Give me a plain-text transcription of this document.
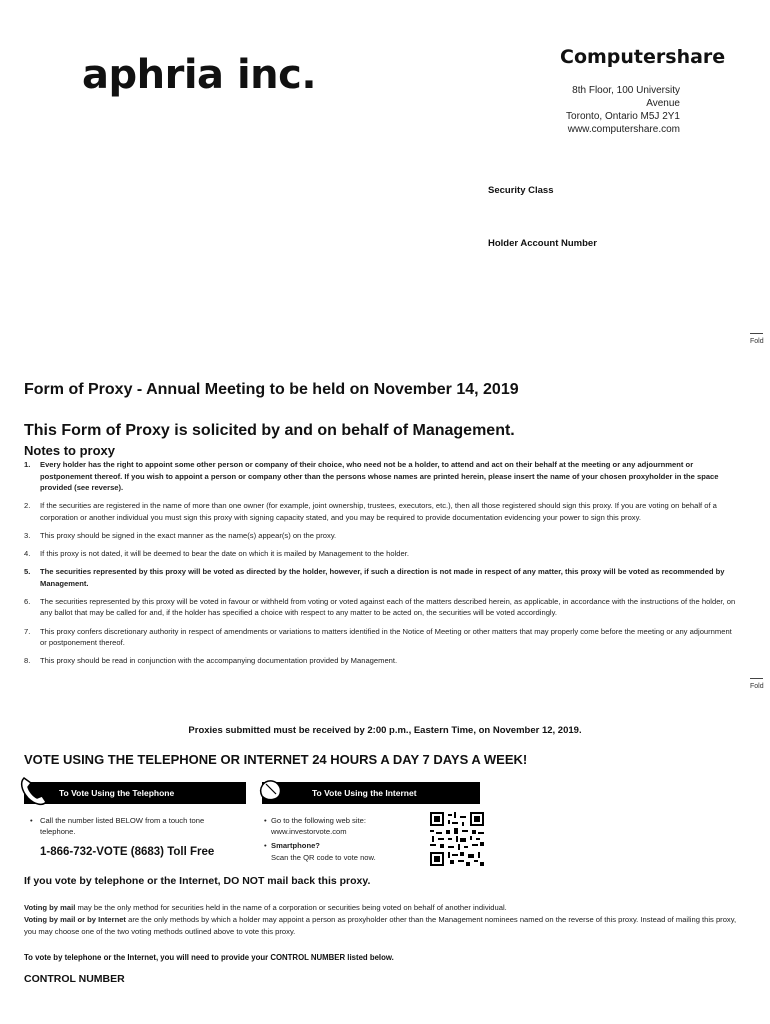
aphria inc.	Computershare
8th Floor, 100 University Avenue
Toronto, Ontario M5J 2Y1
www.computershare.com
Security Class
Holder Account Number
Fold
Fold
Form of Proxy - Annual Meeting to be held on November 14, 2019
This Form of Proxy is solicited by and on behalf of Management.
Notes to proxy
1. Every holder has the right to appoint some other person or company of their choice, who need not be a holder, to attend and act on their behalf at the meeting or any adjournment or postponement thereof. If you wish to appoint a person or company other than the persons whose names are printed herein, please insert the name of your chosen proxyholder in the space provided (see reverse).
2. If the securities are registered in the name of more than one owner (for example, joint ownership, trustees, executors, etc.), then all those registered should sign this proxy. If you are voting on behalf of a corporation or another individual you must sign this proxy with signing capacity stated, and you may be required to provide documentation evidencing your power to sign this proxy.
3. This proxy should be signed in the exact manner as the name(s) appear(s) on the proxy.
4. If this proxy is not dated, it will be deemed to bear the date on which it is mailed by Management to the holder.
5. The securities represented by this proxy will be voted as directed by the holder, however, if such a direction is not made in respect of any matter, this proxy will be voted as recommended by Management.
6. The securities represented by this proxy will be voted in favour or withheld from voting or voted against each of the matters described herein, as applicable, in accordance with the instructions of the holder, on any ballot that may be called for and, if the holder has specified a choice with respect to any matter to be acted on, the securities will be voted accordingly.
7. This proxy confers discretionary authority in respect of amendments or variations to matters identified in the Notice of Meeting or other matters that may properly come before the meeting or any adjournment or postponement thereof.
8. This proxy should be read in conjunction with the accompanying documentation provided by Management.
Proxies submitted must be received by 2:00 p.m., Eastern Time, on November 12, 2019.
VOTE USING THE TELEPHONE OR INTERNET 24 HOURS A DAY 7 DAYS A WEEK!
To Vote Using the Telephone	To Vote Using the Internet
• Call the number listed BELOW from a touch tone telephone.
1-866-732-VOTE (8683) Toll Free
• Go to the following web site:
www.investorvote.com
• Smartphone?
Scan the QR code to vote now.
If you vote by telephone or the Internet, DO NOT mail back this proxy.
Voting by mail may be the only method for securities held in the name of a corporation or securities being voted on behalf of another individual.
Voting by mail or by Internet are the only methods by which a holder may appoint a person as proxyholder other than the Management nominees named on the reverse of this proxy. Instead of mailing this proxy, you may choose one of the two voting methods outlined above to vote this proxy.
To vote by telephone or the Internet, you will need to provide your CONTROL NUMBER listed below.
CONTROL NUMBER
